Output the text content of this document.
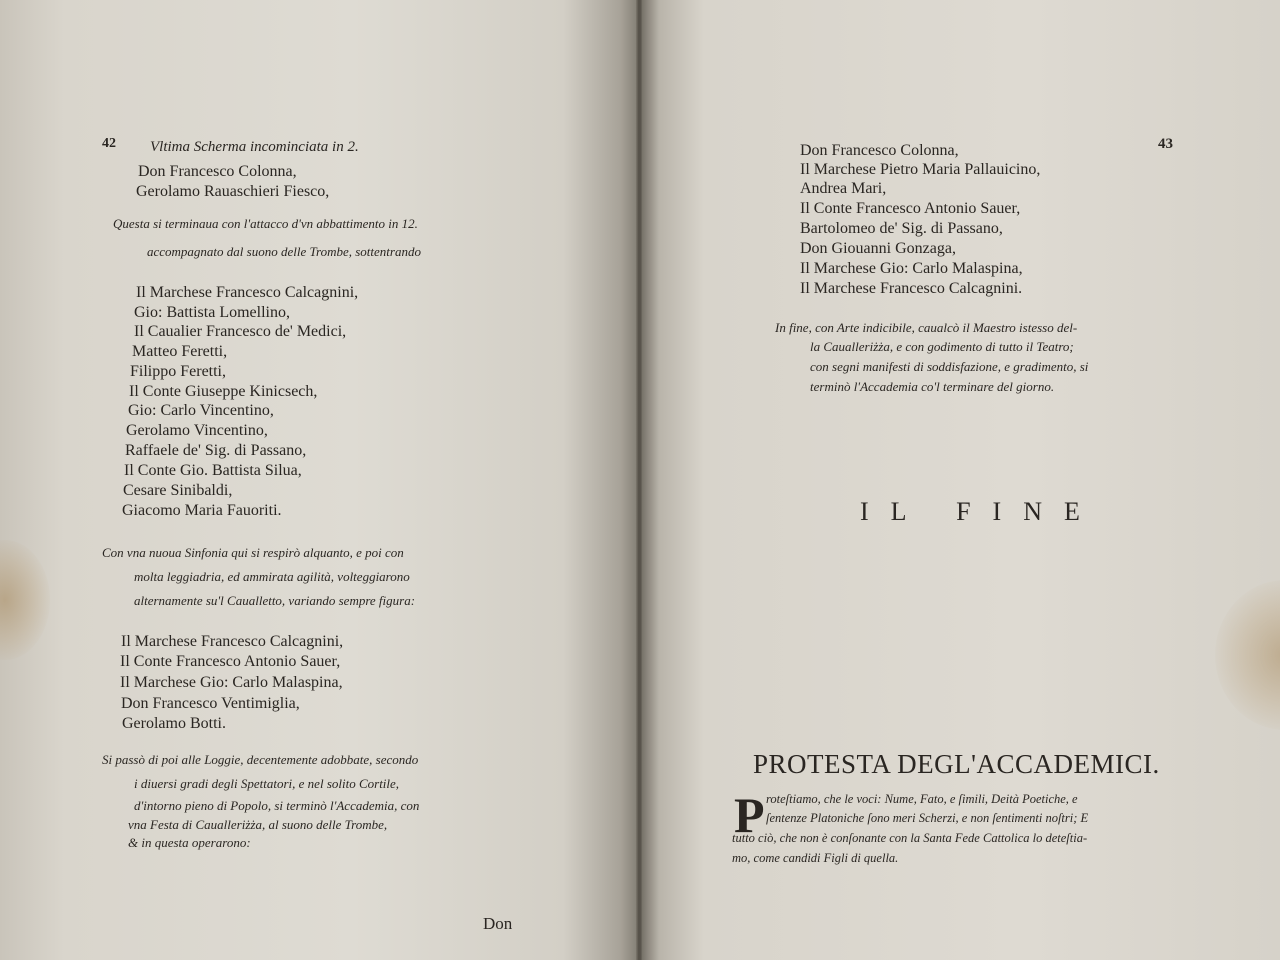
42 Vltima Scherma incominciata in 2.
Don Francesco Colonna,
Gerolamo Rauaschieri Fiesco,
Questa si terminaua con l'attacco d'vn abbattimento in 12.
accompagnato dal suono delle Trombe, sottentrando
Il Marchese Francesco Calcagnini,
Gio: Battista Lomellino,
Il Caualier Francesco de' Medici,
Matteo Feretti,
Filippo Feretti,
Il Conte Giuseppe Kinicsech,
Gio: Carlo Vincentino,
Gerolamo Vincentino,
Raffaele de' Sig. di Passano,
Il Conte Gio. Battista Silua,
Cesare Sinibaldi,
Giacomo Maria Fauoriti.
Con vna nuoua Sinfonia qui si respirò alquanto, e poi con
molta leggiadria, ed ammirata agilità, volteggiarono
alternamente su'l Caualletto, variando sempre figura:
Il Marchese Francesco Calcagnini,
Il Conte Francesco Antonio Sauer,
Il Marchese Gio: Carlo Malaspina,
Don Francesco Ventimiglia,
Gerolamo Botti.
Si passò di poi alle Loggie, decentemente adobbate, secondo
i diuersi gradi degli Spettatori, e nel solito Cortile,
d'intorno pieno di Popolo, si terminò l'Accademia, con
vna Festa di Caualleriżża, al suono delle Trombe,
& in questa operarono:
Don
43
Don Francesco Colonna,
Il Marchese Pietro Maria Pallauicino,
Andrea Mari,
Il Conte Francesco Antonio Sauer,
Bartolomeo de' Sig. di Passano,
Don Giouanni Gonzaga,
Il Marchese Gio: Carlo Malaspina,
Il Marchese Francesco Calcagnini.
In fine, con Arte indicibile, caualcò il Maestro istesso del-
la Caualleriżża, e con godimento di tutto il Teatro;
con segni manifesti di soddisfazione, e gradimento, si
terminò l'Accademia co'l terminare del giorno.
IL FINE
PROTESTA DEGL'ACCADEMICI.
P roteſtiamo, che le voci: Nume, Fato, e ſimili, Deità Poetiche, e
ſentenze Platoniche ſono meri Scherzi, e non ſentimenti noſtri; E
tutto ciò, che non è conſonante con la Santa Fede Cattolica lo deteſtia-
mo, come candidi Figli di quella.
